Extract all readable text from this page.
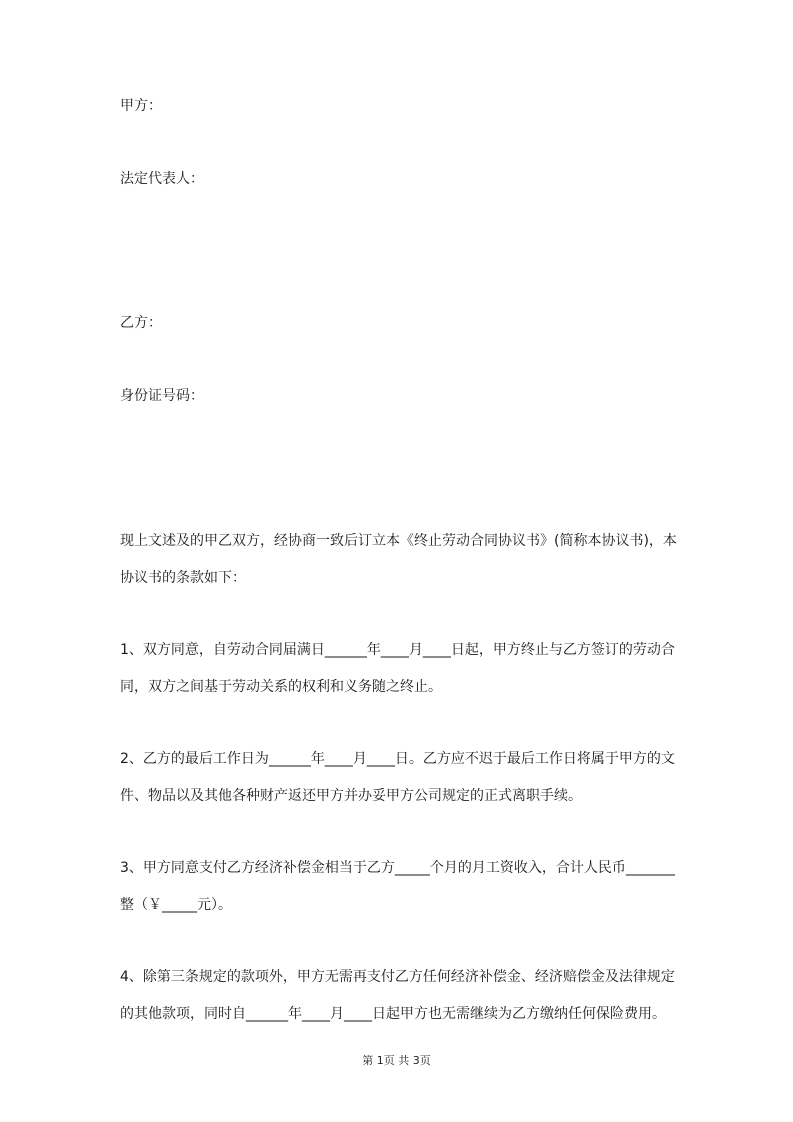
甲方：
法定代表人：
乙方：
身份证号码：
现上文述及的甲乙双方，经协商一致后订立本《终止劳动合同协议书》(简称本协议书)，本
协议书的条款如下：
1、双方同意，自劳动合同届满日______年____月____日起，甲方终止与乙方签订的劳动合
同，双方之间基于劳动关系的权利和义务随之终止。
2、乙方的最后工作日为______年____月____日。乙方应不迟于最后工作日将属于甲方的文
件、物品以及其他各种财产返还甲方并办妥甲方公司规定的正式离职手续。
3、甲方同意支付乙方经济补偿金相当于乙方_____个月的月工资收入，合计人民币_______
整（￥_____元）。
4、除第三条规定的款项外，甲方无需再支付乙方任何经济补偿金、经济赔偿金及法律规定
的其他款项，同时自______年____月____日起甲方也无需继续为乙方缴纳任何保险费用。
第 1页 共 3页
